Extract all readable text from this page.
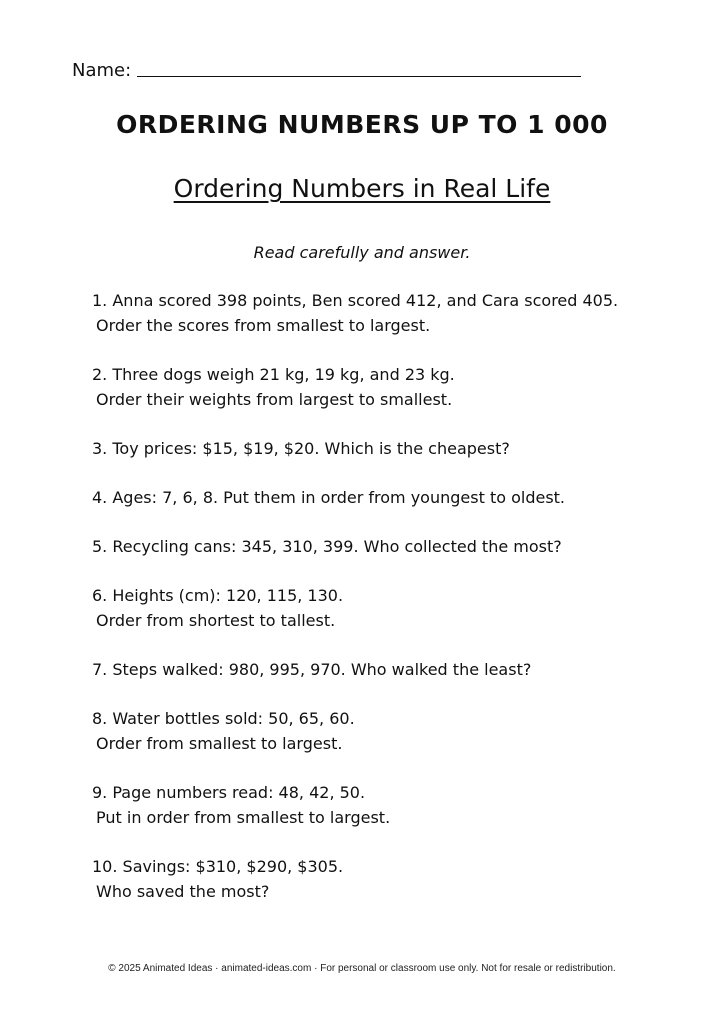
Name:
ORDERING NUMBERS UP TO 1 000
Ordering Numbers in Real Life
Read carefully and answer.
1. Anna scored 398 points, Ben scored 412, and Cara scored 405.
Order the scores from smallest to largest.
2. Three dogs weigh 21 kg, 19 kg, and 23 kg.
Order their weights from largest to smallest.
3. Toy prices: $15, $19, $20. Which is the cheapest?
4. Ages: 7, 6, 8. Put them in order from youngest to oldest.
5. Recycling cans: 345, 310, 399. Who collected the most?
6. Heights (cm): 120, 115, 130.
Order from shortest to tallest.
7. Steps walked: 980, 995, 970. Who walked the least?
8. Water bottles sold: 50, 65, 60.
Order from smallest to largest.
9. Page numbers read: 48, 42, 50.
Put in order from smallest to largest.
10. Savings: $310, $290, $305.
Who saved the most?
© 2025 Animated Ideas · animated-ideas.com · For personal or classroom use only. Not for resale or redistribution.
